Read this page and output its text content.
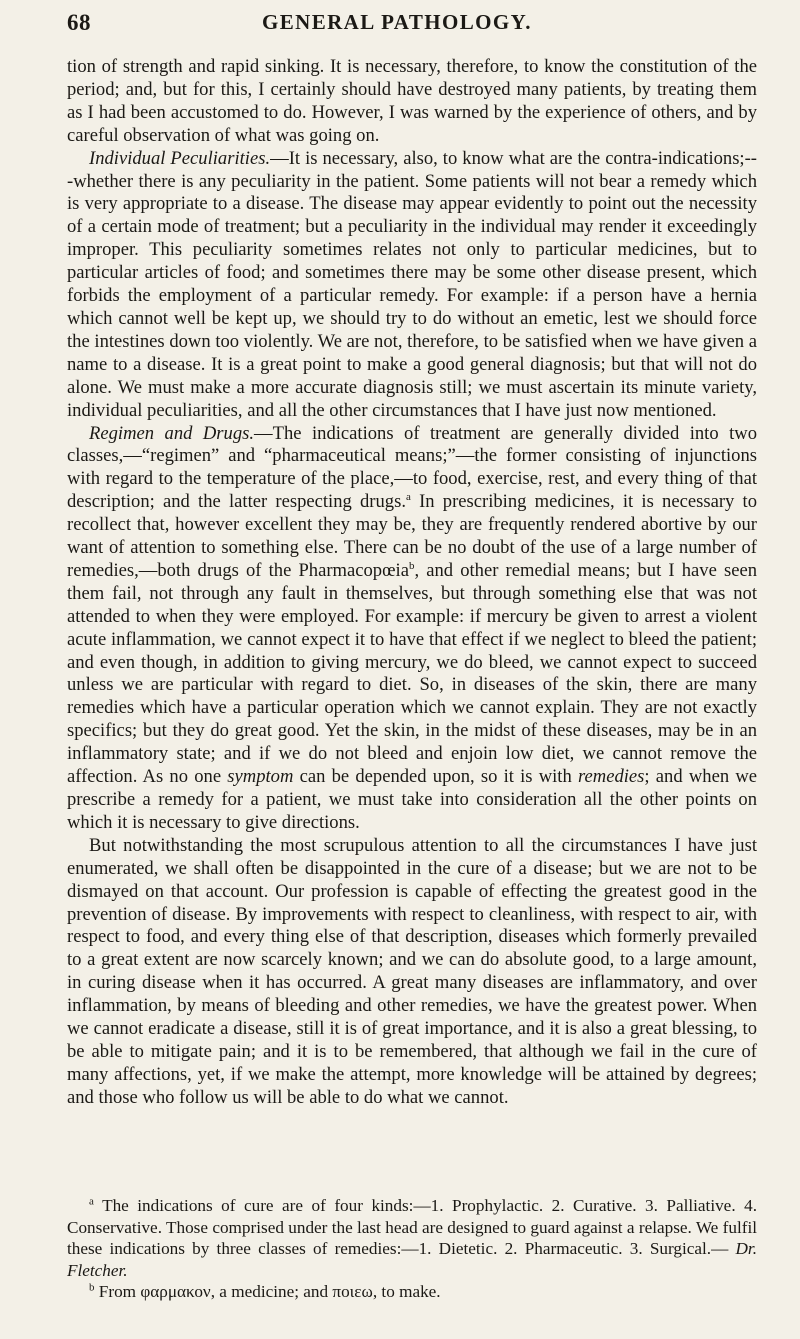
68	GENERAL PATHOLOGY.

tion of strength and rapid sinking. It is necessary, therefore, to know the constitution of the period; and, but for this, I certainly should have destroyed many patients, by treating them as I had been accustomed to do. However, I was warned by the experience of others, and by careful observation of what was going on.

Individual Peculiarities.—It is necessary, also, to know what are the contra-indications;---whether there is any peculiarity in the patient. Some patients will not bear a remedy which is very appropriate to a disease. The disease may appear evidently to point out the necessity of a certain mode of treatment; but a peculiarity in the individual may render it exceedingly improper. This peculiarity sometimes relates not only to particular medicines, but to particular articles of food; and sometimes there may be some other disease present, which forbids the employment of a particular remedy. For example: if a person have a hernia which cannot well be kept up, we should try to do without an emetic, lest we should force the intestines down too violently. We are not, therefore, to be satisfied when we have given a name to a disease. It is a great point to make a good general diagnosis; but that will not do alone. We must make a more accurate diagnosis still; we must ascertain its minute variety, individual peculiarities, and all the other circumstances that I have just now mentioned.

Regimen and Drugs.—The indications of treatment are generally divided into two classes,—“regimen” and “pharmaceutical means;”—the former consisting of injunctions with regard to the temperature of the place,—to food, exercise, rest, and every thing of that description; and the latter respecting drugs.$^a$ In prescribing medicines, it is necessary to recollect that, however excellent they may be, they are frequently rendered abortive by our want of attention to something else. There can be no doubt of the use of a large number of remedies,—both drugs of the Pharmacopœia$^b$, and other remedial means; but I have seen them fail, not through any fault in themselves, but through something else that was not attended to when they were employed. For example: if mercury be given to arrest a violent acute inflammation, we cannot expect it to have that effect if we neglect to bleed the patient; and even though, in addition to giving mercury, we do bleed, we cannot expect to succeed unless we are particular with regard to diet. So, in diseases of the skin, there are many remedies which have a particular operation which we cannot explain. They are not exactly specifics; but they do great good. Yet the skin, in the midst of these diseases, may be in an inflammatory state; and if we do not bleed and enjoin low diet, we cannot remove the affection. As no one symptom can be depended upon, so it is with remedies; and when we prescribe a remedy for a patient, we must take into consideration all the other points on which it is necessary to give directions.

But notwithstanding the most scrupulous attention to all the circumstances I have just enumerated, we shall often be disappointed in the cure of a disease; but we are not to be dismayed on that account. Our profession is capable of effecting the greatest good in the prevention of disease. By improvements with respect to cleanliness, with respect to air, with respect to food, and every thing else of that description, diseases which formerly prevailed to a great extent are now scarcely known; and we can do absolute good, to a large amount, in curing disease when it has occurred. A great many diseases are inflammatory, and over inflammation, by means of bleeding and other remedies, we have the greatest power. When we cannot eradicate a disease, still it is of great importance, and it is also a great blessing, to be able to mitigate pain; and it is to be remembered, that although we fail in the cure of many affections, yet, if we make the attempt, more knowledge will be attained by degrees; and those who follow us will be able to do what we cannot.

$^a$ The indications of cure are of four kinds:—1. Prophylactic. 2. Curative. 3. Palliative. 4. Conservative. Those comprised under the last head are designed to guard against a relapse. We fulfil these indications by three classes of remedies:—1. Dietetic. 2. Pharmaceutic. 3. Surgical.— Dr. Fletcher.

$^b$ From φαρμακον, a medicine; and ποιεω, to make.
